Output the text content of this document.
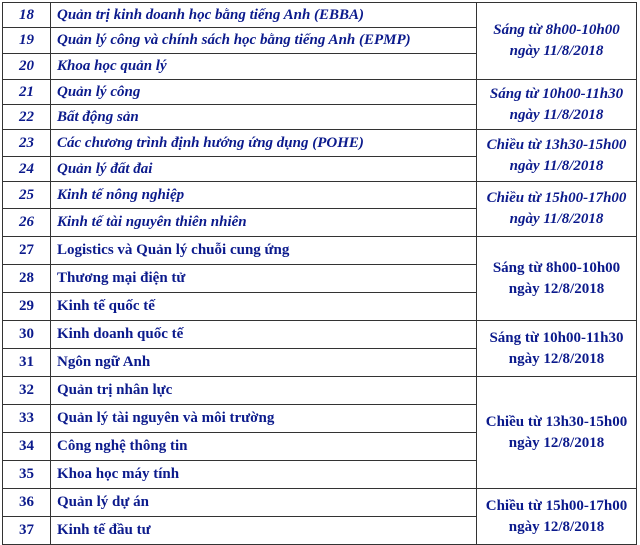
18	Quản trị kinh doanh học bằng tiếng Anh (EBBA)	Sáng từ 8h00-10h00
ngày 11/8/2018

19	Quản lý công và chính sách học bằng tiếng Anh (EPMP)	
20	Khoa học quản lý	
21	Quản lý công	Sáng từ 10h00-11h30
ngày 11/8/2018

22	Bất động sản	
23	Các chương trình định hướng ứng dụng (POHE)	Chiều từ 13h30-15h00
ngày 11/8/2018

24	Quản lý đất đai	
25	Kinh tế nông nghiệp	Chiều từ 15h00-17h00
ngày 11/8/2018

26	Kinh tế tài nguyên thiên nhiên	
27	Logistics và Quản lý chuỗi cung ứng	Sáng từ 8h00-10h00
ngày 12/8/2018

28	Thương mại điện tử	
29	Kinh tế quốc tế	
30	Kinh doanh quốc tế	Sáng từ 10h00-11h30
ngày 12/8/2018

31	Ngôn ngữ Anh	
32	Quản trị nhân lực	Chiều từ 13h30-15h00
ngày 12/8/2018

33	Quản lý tài nguyên và môi trường	
34	Công nghệ thông tin	
35	Khoa học máy tính	
36	Quản lý dự án	Chiều từ 15h00-17h00
ngày 12/8/2018

37	Kinh tế đầu tư	
